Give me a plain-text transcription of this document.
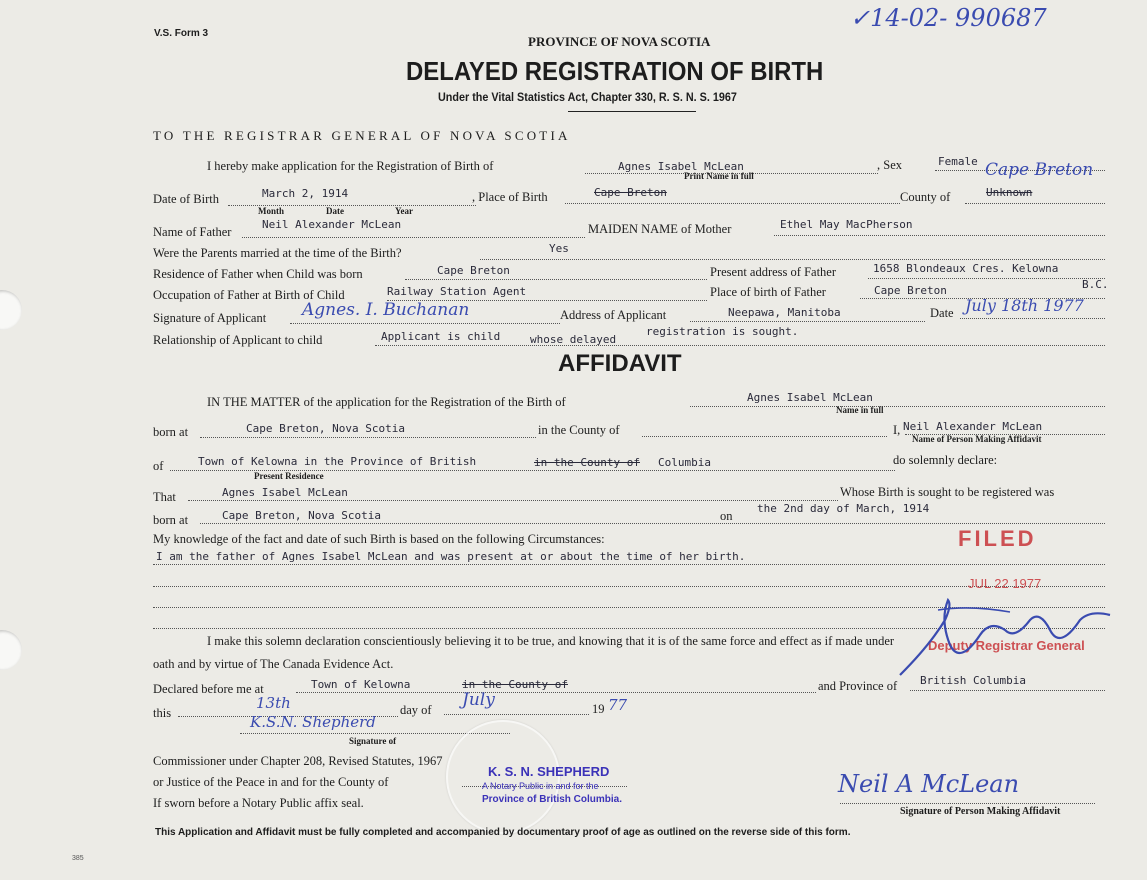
V.S. Form 3
✓14-02- 990687
PROVINCE OF NOVA SCOTIA
DELAYED REGISTRATION OF BIRTH
Under the Vital Statistics Act, Chapter 330, R. S. N. S. 1967
TO THE REGISTRAR GENERAL OF NOVA SCOTIA
I hereby make application for the Registration of Birth of	Agnes Isabel McLean
Print Name in full
, Sex	Female Cape Breton
Date of Birth	March 2, 1914
Month	Date	Year
, Place of Birth	Cape Breton	County of	Unknown
Name of Father
Neil Alexander McLean	MAIDEN NAME of Mother	Ethel May MacPherson
Were the Parents married at the time of the Birth?	Yes
Residence of Father when Child was born	Cape Breton	Present address of Father	1658 Blondeaux Cres. Kelowna
B.C.
Occupation of Father at Birth of Child	Railway Station Agent	Place of birth of Father	Cape Breton
Signature of Applicant Agnes. I. Buchanan	Address of Applicant	Neepawa, Manitoba	Date July 18th 1977
Relationship of Applicant to child	Applicant is child	whose delayed
registration is sought.
AFFIDAVIT
IN THE MATTER of the application for the Registration of the Birth of	Agnes Isabel McLean
Name in full
born at	Cape Breton, Nova Scotia	in the County of	I, Neil Alexander McLean
Name of Person Making Affidavit
of	Town of Kelowna in the Province of British	in the County of Columbia
Present Residence
do solemnly declare:
That	Agnes Isabel McLean	Whose Birth is sought to be registered was
born at	Cape Breton, Nova Scotia	on
the 2nd day of March, 1914
My knowledge of the fact and date of such Birth is based on the following Circumstances:
I am the father of Agnes Isabel McLean and was present at or about the time of her birth.
FILED
JUL 22 1977
I make this solemn declaration conscientiously believing it to be true, and knowing that it is of the same force and effect as if made under
oath and by virtue of The Canada Evidence Act.
Declared before me at	Town of Kelowna	in the County of	and Province of British Columbia
this
13th	day of July	19 77
K.S.N. Shepherd
Signature of
Commissioner under Chapter 208, Revised Statutes, 1967
or Justice of the Peace in and for the County of
If sworn before a Notary Public affix seal.
K. S. N. SHEPHERD
A Notary Public in and for the
Province of British Columbia.
Deputy Registrar General
Neil A McLean
Signature of Person Making Affidavit
This Application and Affidavit must be fully completed and accompanied by documentary proof of age as outlined on the reverse side of this form.
385
